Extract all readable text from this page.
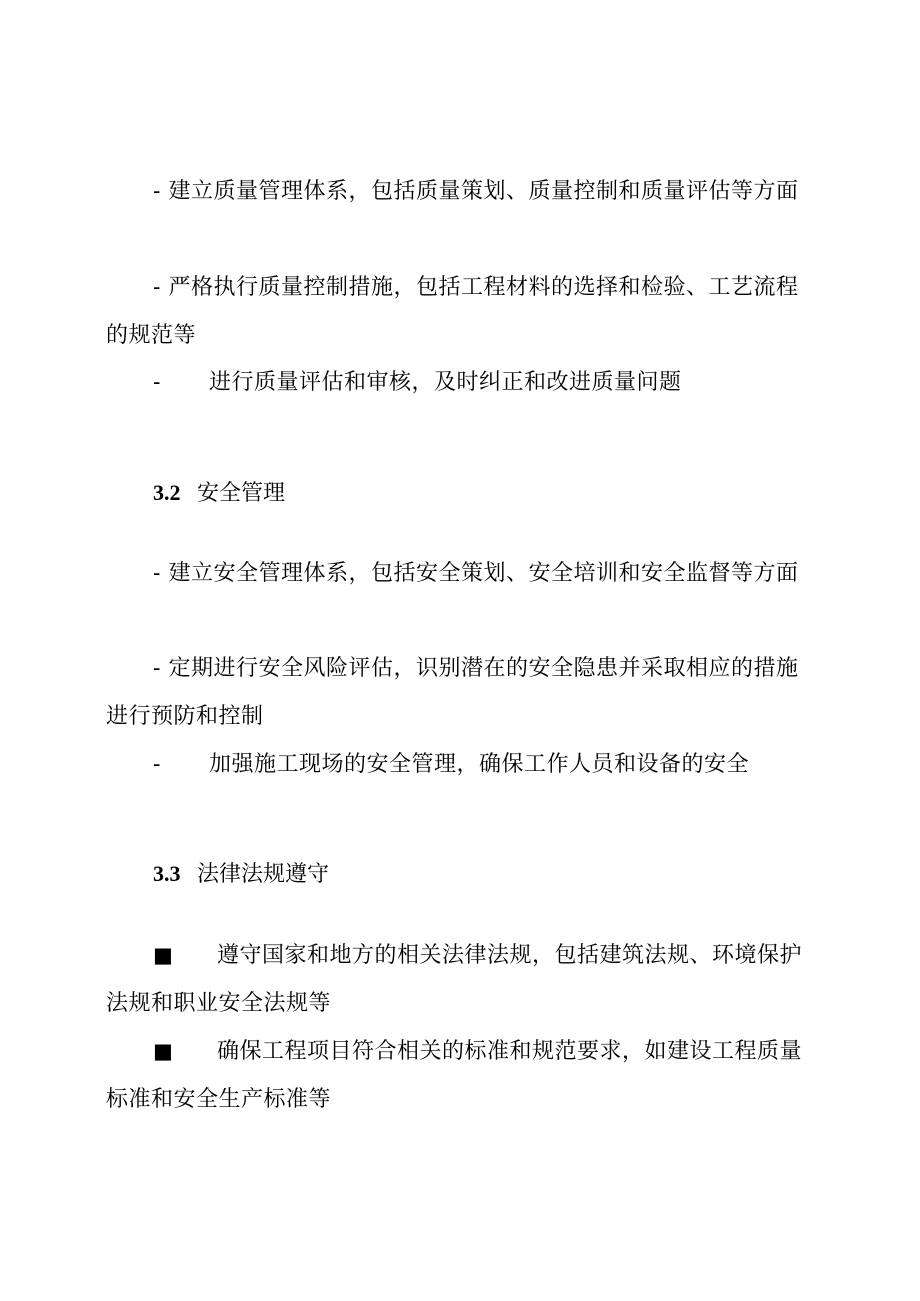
- 建立质量管理体系，包括质量策划、质量控制和质量评估等方面

- 严格执行质量控制措施，包括工程材料的选择和检验、工艺流程的规范等

- 进行质量评估和审核，及时纠正和改进质量问题

3.2 安全管理

- 建立安全管理体系，包括安全策划、安全培训和安全监督等方面

- 定期进行安全风险评估，识别潜在的安全隐患并采取相应的措施进行预防和控制

- 加强施工现场的安全管理，确保工作人员和设备的安全

3.3 法律法规遵守

■ 遵守国家和地方的相关法律法规，包括建筑法规、环境保护法规和职业安全法规等

■ 确保工程项目符合相关的标准和规范要求，如建设工程质量标准和安全生产标准等
